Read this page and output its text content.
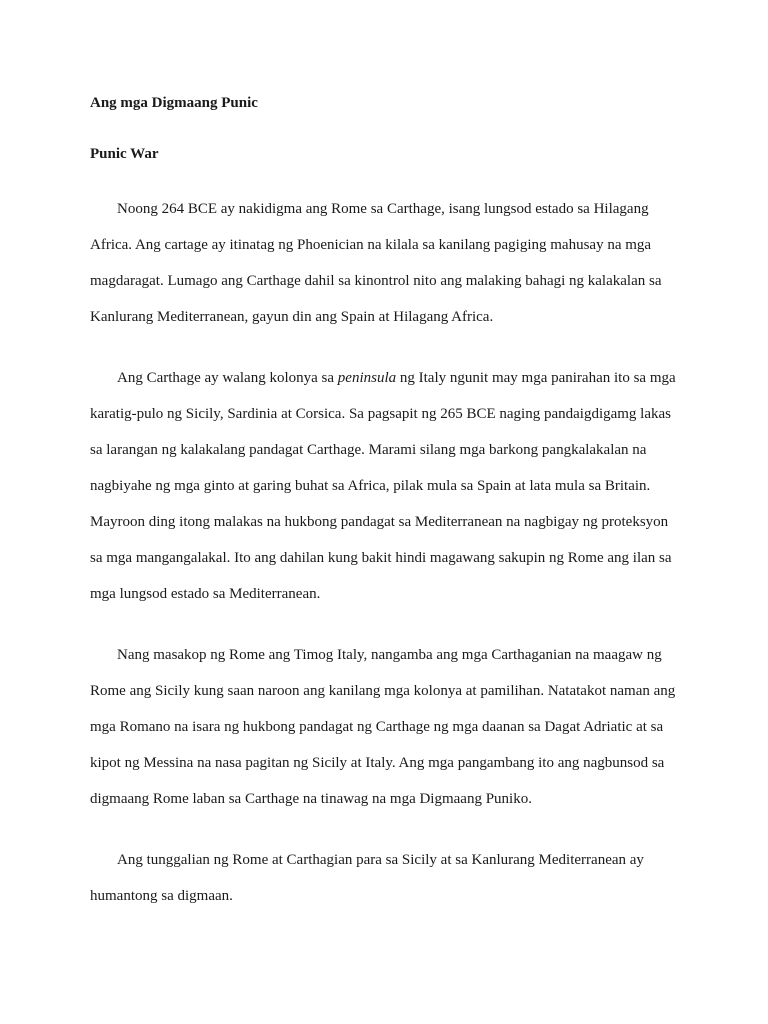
Ang mga Digmaang Punic
Punic War

Noong 264 BCE ay nakidigma ang Rome sa Carthage, isang lungsod estado sa Hilagang Africa. Ang cartage ay itinatag ng Phoenician na kilala sa kanilang pagiging mahusay na mga magdaragat. Lumago ang Carthage dahil sa kinontrol nito ang malaking bahagi ng kalakalan sa Kanlurang Mediterranean, gayun din ang Spain at Hilagang Africa.

Ang Carthage ay walang kolonya sa peninsula ng Italy ngunit may mga panirahan ito sa mga karatig-pulo ng Sicily, Sardinia at Corsica. Sa pagsapit ng 265 BCE naging pandaigdigamg lakas sa larangan ng kalakalang pandagat Carthage. Marami silang mga barkong pangkalakalan na nagbiyahe ng mga ginto at garing buhat sa Africa, pilak mula sa Spain at lata mula sa Britain. Mayroon ding itong malakas na hukbong pandagat sa Mediterranean na nagbigay ng proteksyon sa mga mangangalakal. Ito ang dahilan kung bakit hindi magawang sakupin ng Rome ang ilan sa mga lungsod estado sa Mediterranean.

Nang masakop ng Rome ang Timog Italy, nangamba ang mga Carthaganian na maagaw ng Rome ang Sicily kung saan naroon ang kanilang mga kolonya at pamilihan. Natatakot naman ang mga Romano na isara ng hukbong pandagat ng Carthage ng mga daanan sa Dagat Adriatic at sa kipot ng Messina na nasa pagitan ng Sicily at Italy. Ang mga pangambang ito ang nagbunsod sa digmaang Rome laban sa Carthage na tinawag na mga Digmaang Puniko.

Ang tunggalian ng Rome at Carthagian para sa Sicily at sa Kanlurang Mediterranean ay humantong sa digmaan.
